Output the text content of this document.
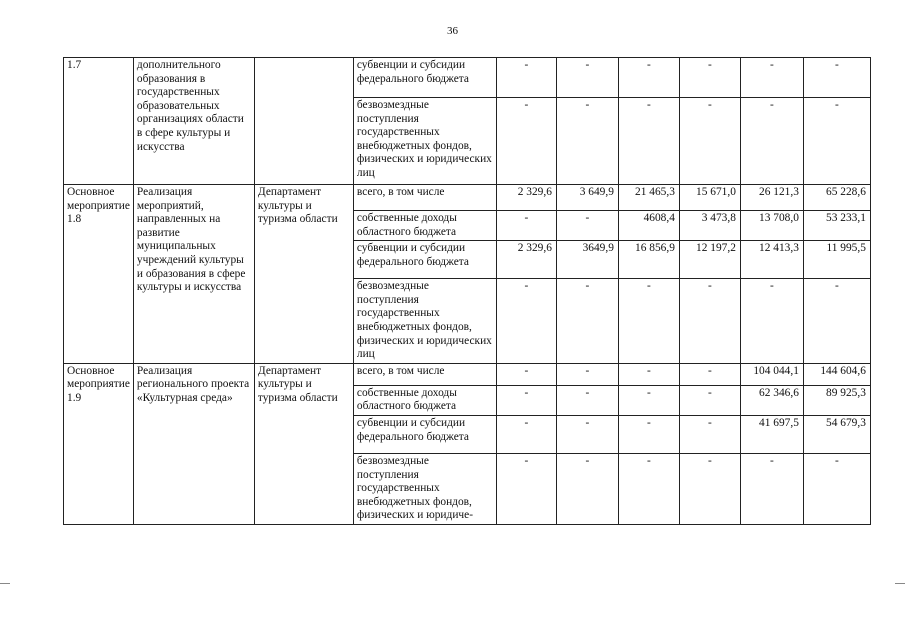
36
1.7	дополнительного образования в государственных образовательных организациях области в сфере культуры и искусства		субвенции и субсидии федерального бюджета	-	-	-	-	-	-
			безвозмездные поступления государственных внебюджетных фондов, физических и юридических лиц	-	-	-	-	-	-
Основное мероприятие 1.8	Реализация мероприятий, направленных на развитие муниципальных учреждений культуры и образования в сфере культуры и искусства	Департамент культуры и туризма области	всего, в том числе	2 329,6	3 649,9	21 465,3	15 671,0	26 121,3	65 228,6
			собственные доходы областного бюджета	-	-	4608,4	3 473,8	13 708,0	53 233,1
			субвенции и субсидии федерального бюджета	2 329,6	3649,9	16 856,9	12 197,2	12 413,3	11 995,5
			безвозмездные поступления государственных внебюджетных фондов, физических и юридических лиц	-	-	-	-	-	-
Основное мероприятие 1.9	Реализация регионального проекта «Культурная среда»	Департамент культуры и туризма области	всего, в том числе	-	-	-	-	104 044,1	144 604,6
			собственные доходы областного бюджета	-	-	-	-	62 346,6	89 925,3
			субвенции и субсидии федерального бюджета	-	-	-	-	41 697,5	54 679,3
			безвозмездные поступления государственных внебюджетных фондов, физических и юридиче-	-	-	-	-	-	-
